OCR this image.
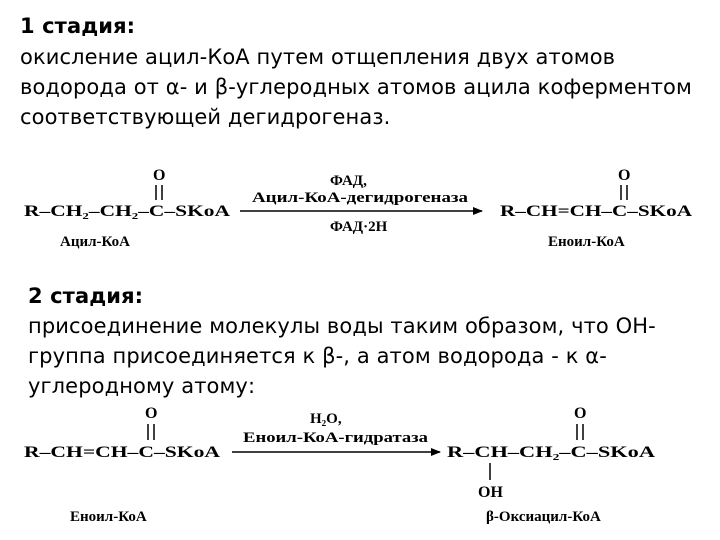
1 стадия:

окисление ацил-КоА путем отщепления двух атомов

водорода от α- и β-углеродных атомов ацила коферментом

соответствующей дегидрогеназ.

2 стадия:

присоединение молекулы воды таким образом, что ОН-

группа присоединяется к β-, а атом водорода - к α-

углеродному атому:

O
R–CH₂–CH₂–C–SKoA
Ацил-КоА
ФАД,
Ацил-КоА-дегидрогеназа
ФАД·2Н
O
R–CH=CH–C–SKoA
Еноил-КоА
O
R–CH=CH–C–SKoA
Еноил-КоА
H₂O,
Еноил-КоА-гидратаза
O
R–CH–CH₂–C–SKoA
OH
β-Оксиацил-КоА
